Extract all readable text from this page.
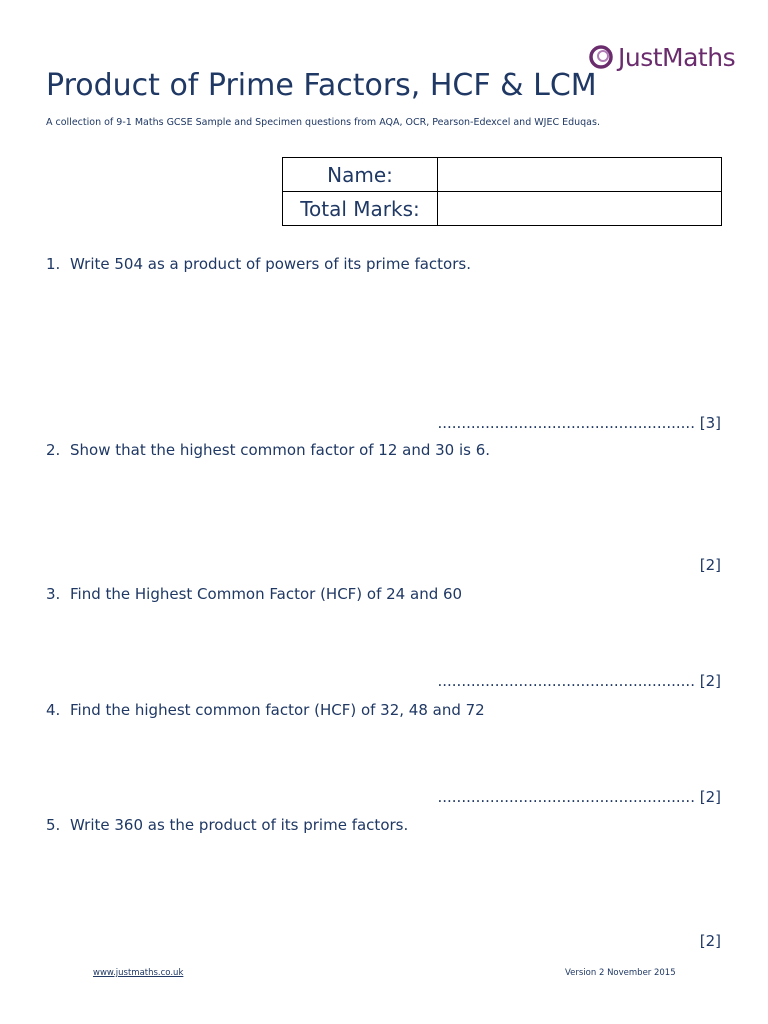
JustMaths
Product of Prime Factors, HCF & LCM
A collection of 9-1 Maths GCSE Sample and Specimen questions from AQA, OCR, Pearson-Edexcel and WJEC Eduqas.
Name:	
Total Marks:	
1. Write 504 as a product of powers of its prime factors.
...................................................... [3]
2. Show that the highest common factor of 12 and 30 is 6.
[2]
3. Find the Highest Common Factor (HCF) of 24 and 60
...................................................... [2]
4. Find the highest common factor (HCF) of 32, 48 and 72
...................................................... [2]
5. Write 360 as the product of its prime factors.
[2]
www.justmaths.co.uk	Version 2 November 2015
